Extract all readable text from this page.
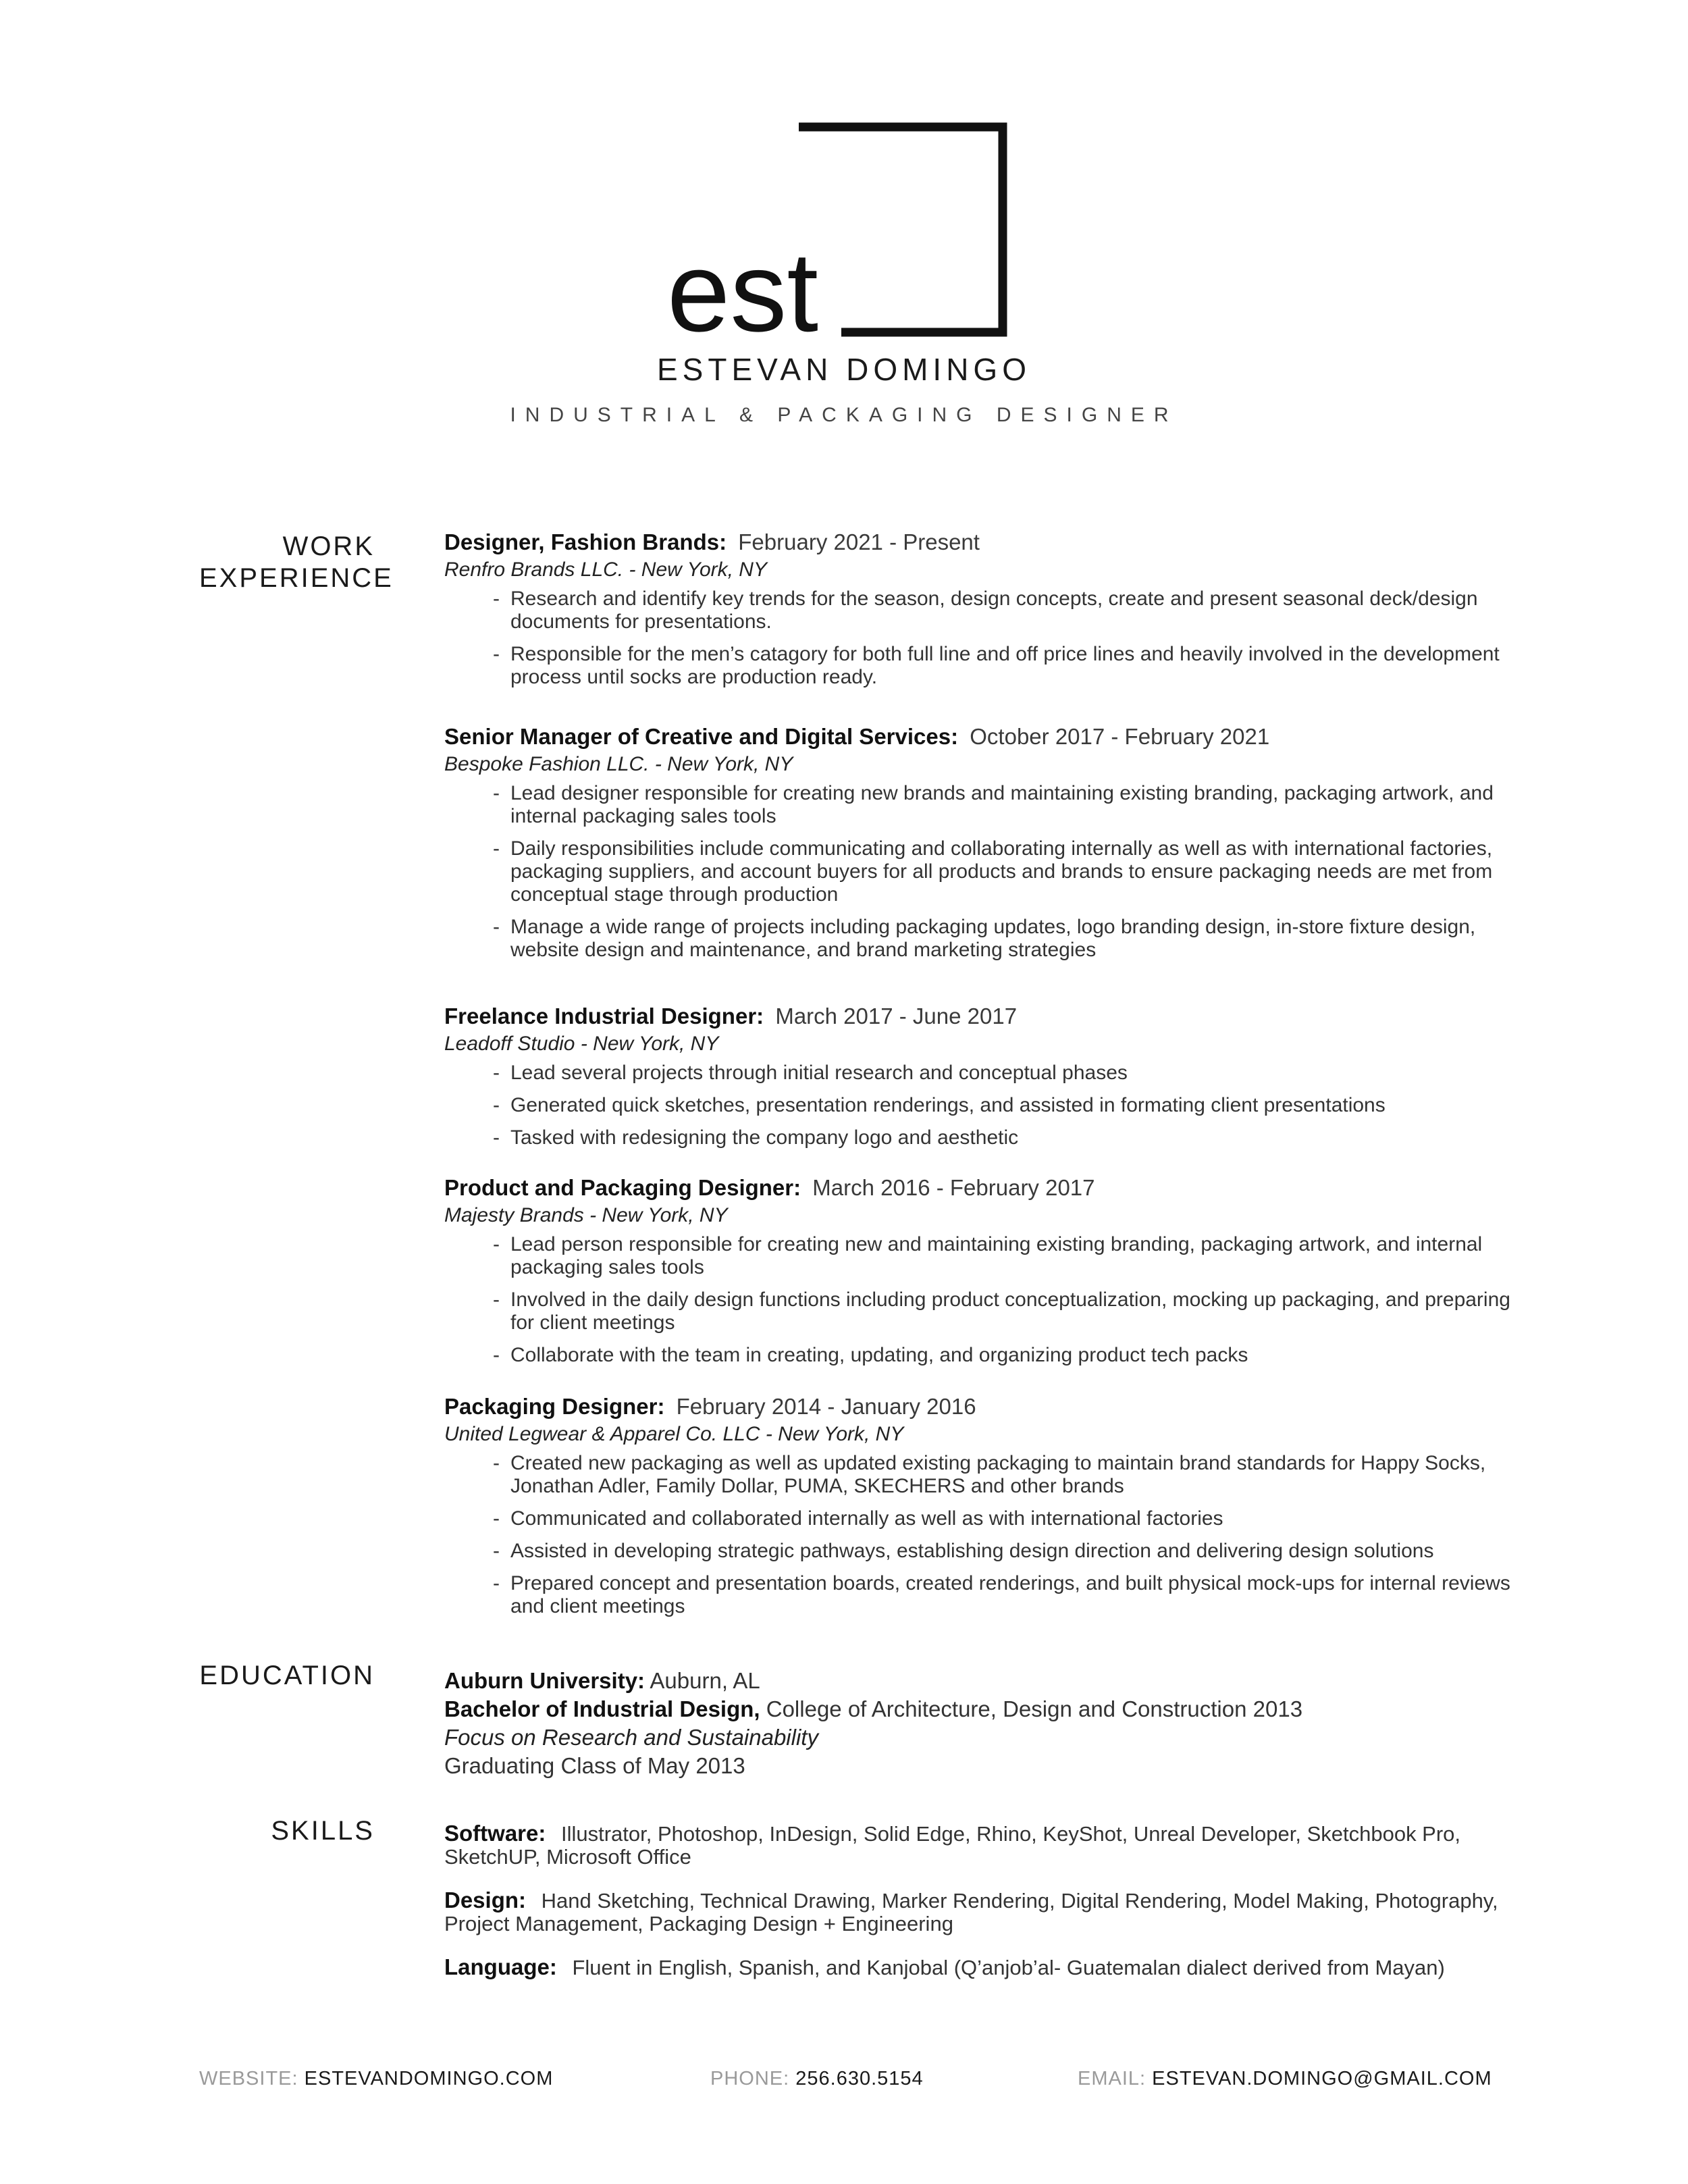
est
ESTEVAN DOMINGO
INDUSTRIAL & PACKAGING DESIGNER
WORK EXPERIENCE
EDUCATION
SKILLS
Designer, Fashion Brands: February 2021 - Present
Renfro Brands LLC. - New York, NY
- Research and identify key trends for the season, design concepts, create and present seasonal deck/design documents for presentations.
- Responsible for the men’s catagory for both full line and off price lines and heavily involved in the development process until socks are production ready.
Senior Manager of Creative and Digital Services: October 2017 - February 2021
Bespoke Fashion LLC. - New York, NY
- Lead designer responsible for creating new brands and maintaining existing branding, packaging artwork, and internal packaging sales tools
- Daily responsibilities include communicating and collaborating internally as well as with international factories, packaging suppliers, and account buyers for all products and brands to ensure packaging needs are met from conceptual stage through production
- Manage a wide range of projects including packaging updates, logo branding design, in-store fixture design, website design and maintenance, and brand marketing strategies
Freelance Industrial Designer: March 2017 - June 2017
Leadoff Studio - New York, NY
- Lead several projects through initial research and conceptual phases
- Generated quick sketches, presentation renderings, and assisted in formating client presentations
- Tasked with redesigning the company logo and aesthetic
Product and Packaging Designer: March 2016 - February 2017
Majesty Brands - New York, NY
- Lead person responsible for creating new and maintaining existing branding, packaging artwork, and internal packaging sales tools
- Involved in the daily design functions including product conceptualization, mocking up packaging, and preparing for client meetings
- Collaborate with the team in creating, updating, and organizing product tech packs
Packaging Designer: February 2014 - January 2016
United Legwear & Apparel Co. LLC - New York, NY
- Created new packaging as well as updated existing packaging to maintain brand standards for Happy Socks, Jonathan Adler, Family Dollar, PUMA, SKECHERS and other brands
- Communicated and collaborated internally as well as with international factories
- Assisted in developing strategic pathways, establishing design direction and delivering design solutions
- Prepared concept and presentation boards, created renderings, and built physical mock-ups for internal reviews and client meetings
Auburn University: Auburn, AL
Bachelor of Industrial Design, College of Architecture, Design and Construction 2013
Focus on Research and Sustainability
Graduating Class of May 2013
Software: Illustrator, Photoshop, InDesign, Solid Edge, Rhino, KeyShot, Unreal Developer, Sketchbook Pro, SketchUP, Microsoft Office
Design: Hand Sketching, Technical Drawing, Marker Rendering, Digital Rendering, Model Making, Photography, Project Management, Packaging Design + Engineering
Language: Fluent in English, Spanish, and Kanjobal (Q’anjob’al- Guatemalan dialect derived from Mayan)
WEBSITE: ESTEVANDOMINGO.COM	PHONE: 256.630.5154	EMAIL: ESTEVAN.DOMINGO@GMAIL.COM
